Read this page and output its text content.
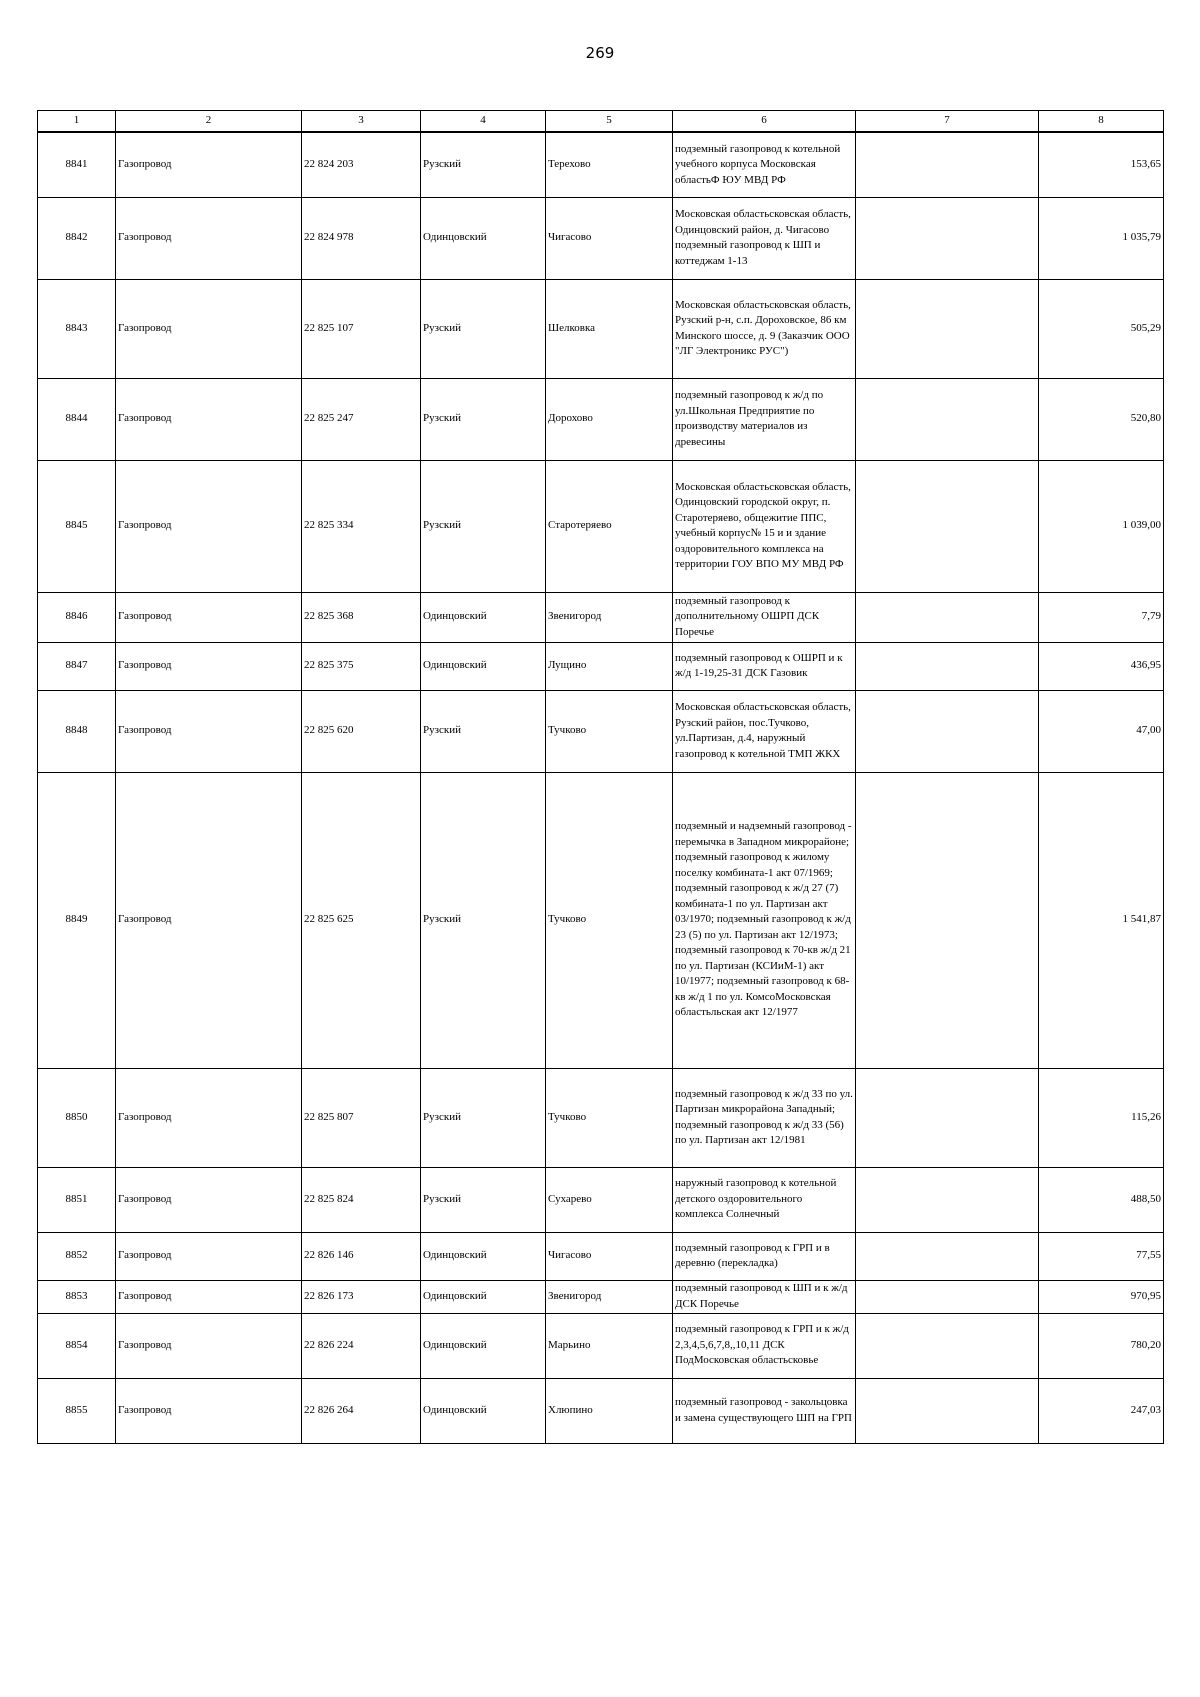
269
1	2	3	4	5	6	7	8
8841	Газопровод	22 824 203	Рузский	Терехово	подземный газопровод к котельной учебного корпуса Московская областьФ ЮУ МВД РФ		153,65
8842	Газопровод	22 824 978	Одинцовский	Чигасово	Московская областьсковская область, Одинцовский район, д. Чигасово подземный газопровод к ШП и коттеджам 1-13		1 035,79
8843	Газопровод	22 825 107	Рузский	Шелковка	Московская областьсковская область, Рузский р-н, с.п. Дороховское, 86 км Минского шоссе, д. 9 (Заказчик ООО "ЛГ Электроникс РУС")		505,29
8844	Газопровод	22 825 247	Рузский	Дорохово	подземный газопровод к ж/д по ул.Школьная Предприятие по производству материалов из древесины		520,80
8845	Газопровод	22 825 334	Рузский	Старотеряево	Московская областьсковская область, Одинцовский городской округ, п. Старотеряево, общежитие ППС, учебный корпус№ 15 и и здание оздоровительного комплекса на территории ГОУ ВПО МУ МВД РФ		1 039,00
8846	Газопровод	22 825 368	Одинцовский	Звенигород	подземный газопровод к дополнительному ОШРП ДСК Поречье		7,79
8847	Газопровод	22 825 375	Одинцовский	Лущино	подземный газопровод к ОШРП и к ж/д 1-19,25-31 ДСК Газовик		436,95
8848	Газопровод	22 825 620	Рузский	Тучково	Московская областьсковская область, Рузский район, пос.Тучково, ул.Партизан, д.4, наружный газопровод к котельной ТМП ЖКХ		47,00
8849	Газопровод	22 825 625	Рузский	Тучково	подземный и надземный газопровод - перемычка в Западном микрорайоне; подземный газопровод к жилому поселку комбината-1 акт 07/1969; подземный газопровод к ж/д 27 (7) комбината-1 по ул. Партизан акт 03/1970; подземный газопровод к ж/д 23 (5) по ул. Партизан акт 12/1973; подземный газопровод к 70-кв ж/д 21 по ул. Партизан (КСИиМ-1) акт 10/1977; подземный газопровод к 68-кв ж/д 1 по ул. КомсоМосковская областьльская акт 12/1977		1 541,87
8850	Газопровод	22 825 807	Рузский	Тучково	подземный газопровод к ж/д 33 по ул. Партизан микрорайона Западный; подземный газопровод к ж/д 33 (56) по ул. Партизан акт 12/1981		115,26
8851	Газопровод	22 825 824	Рузский	Сухарево	наружный газопровод к котельной детского оздоровительного комплекса Солнечный		488,50
8852	Газопровод	22 826 146	Одинцовский	Чигасово	подземный газопровод к ГРП и в деревню (перекладка)		77,55
8853	Газопровод	22 826 173	Одинцовский	Звенигород	подземный газопровод к ШП и к ж/д ДСК Поречье		970,95
8854	Газопровод	22 826 224	Одинцовский	Марьино	подземный газопровод к ГРП и к ж/д 2,3,4,5,6,7,8,,10,11 ДСК ПодМосковская областьсковье		780,20
8855	Газопровод	22 826 264	Одинцовский	Хлюпино	подземный газопровод - закольцовка и замена существующего ШП на ГРП		247,03
